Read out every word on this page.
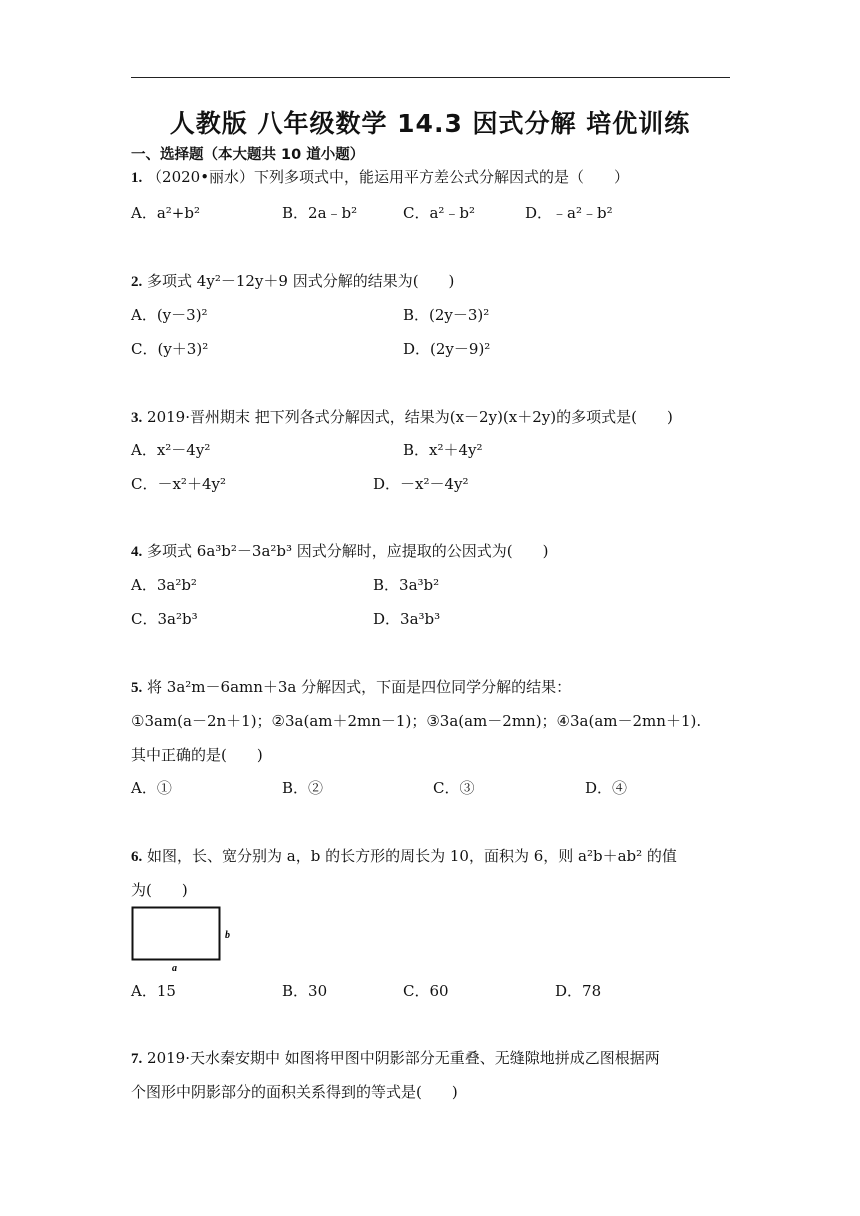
人教版 八年级数学 14.3 因式分解 培优训练
一、选择题（本大题共 10 道小题）
1. （2020•丽水）下列多项式中，能运用平方差公式分解因式的是（　　）
A．a²+b²	B．2a﹣b²	C．a²﹣b²	D．﹣a²﹣b²
2. 多项式 4y²－12y＋9 因式分解的结果为(　　)
A．(y－3)²	B．(2y－3)²
C．(y＋3)²	D．(2y－9)²
3. 2019·晋州期末 把下列各式分解因式，结果为(x－2y)(x＋2y)的多项式是(　　)
A．x²－4y²	B．x²＋4y²
C．－x²＋4y²	D．－x²－4y²
4. 多项式 6a³b²－3a²b³ 因式分解时，应提取的公因式为(　　)
A．3a²b²	B．3a³b²
C．3a²b³	D．3a³b³
5. 将 3a²m－6amn＋3a 分解因式，下面是四位同学分解的结果：
①3am(a－2n＋1)；②3a(am＋2mn－1)；③3a(am－2mn)；④3a(am－2mn＋1).
其中正确的是(　　)
A．①	B．②	C．③	D．④
6. 如图，长、宽分别为 a，b 的长方形的周长为 10，面积为 6，则 a²b＋ab² 的值
为(　　)
b
a
A．15	B．30	C．60	D．78
7. 2019·天水秦安期中 如图将甲图中阴影部分无重叠、无缝隙地拼成乙图根据两
个图形中阴影部分的面积关系得到的等式是(　　)
